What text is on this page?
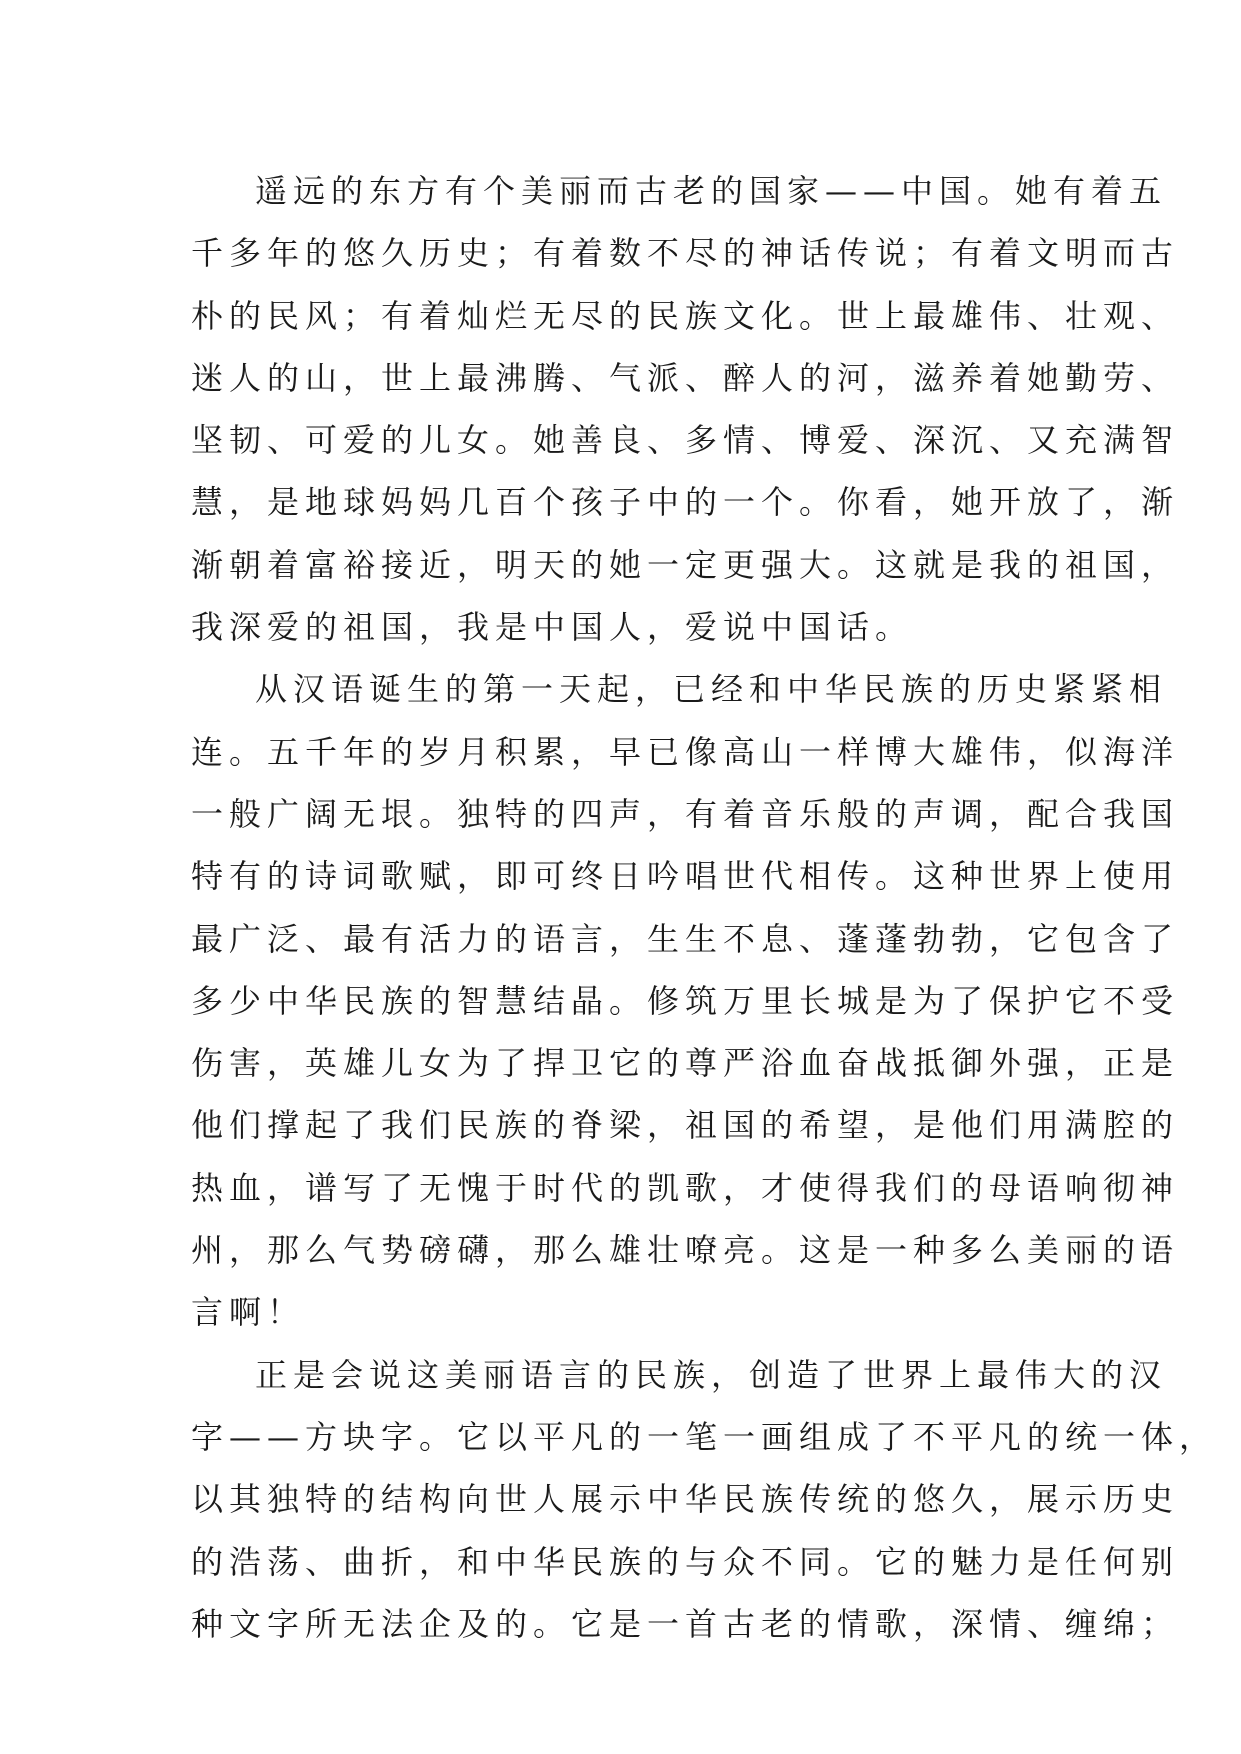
遥远的东方有个美丽而古老的国家——中国。她有着五
千多年的悠久历史；有着数不尽的神话传说；有着文明而古
朴的民风；有着灿烂无尽的民族文化。世上最雄伟、壮观、
迷人的山，世上最沸腾、气派、醉人的河，滋养着她勤劳、
坚韧、可爱的儿女。她善良、多情、博爱、深沉、又充满智
慧，是地球妈妈几百个孩子中的一个。你看，她开放了，渐
渐朝着富裕接近，明天的她一定更强大。这就是我的祖国，
我深爱的祖国，我是中国人，爱说中国话。
从汉语诞生的第一天起，已经和中华民族的历史紧紧相
连。五千年的岁月积累，早已像高山一样博大雄伟，似海洋
一般广阔无垠。独特的四声，有着音乐般的声调，配合我国
特有的诗词歌赋，即可终日吟唱世代相传。这种世界上使用
最广泛、最有活力的语言，生生不息、蓬蓬勃勃，它包含了
多少中华民族的智慧结晶。修筑万里长城是为了保护它不受
伤害，英雄儿女为了捍卫它的尊严浴血奋战抵御外强，正是
他们撑起了我们民族的脊梁，祖国的希望，是他们用满腔的
热血，谱写了无愧于时代的凯歌，才使得我们的母语响彻神
州，那么气势磅礴，那么雄壮嘹亮。这是一种多么美丽的语
言啊！
正是会说这美丽语言的民族，创造了世界上最伟大的汉
字——方块字。它以平凡的一笔一画组成了不平凡的统一体，
以其独特的结构向世人展示中华民族传统的悠久，展示历史
的浩荡、曲折，和中华民族的与众不同。它的魅力是任何别
种文字所无法企及的。它是一首古老的情歌，深情、缠绵；
